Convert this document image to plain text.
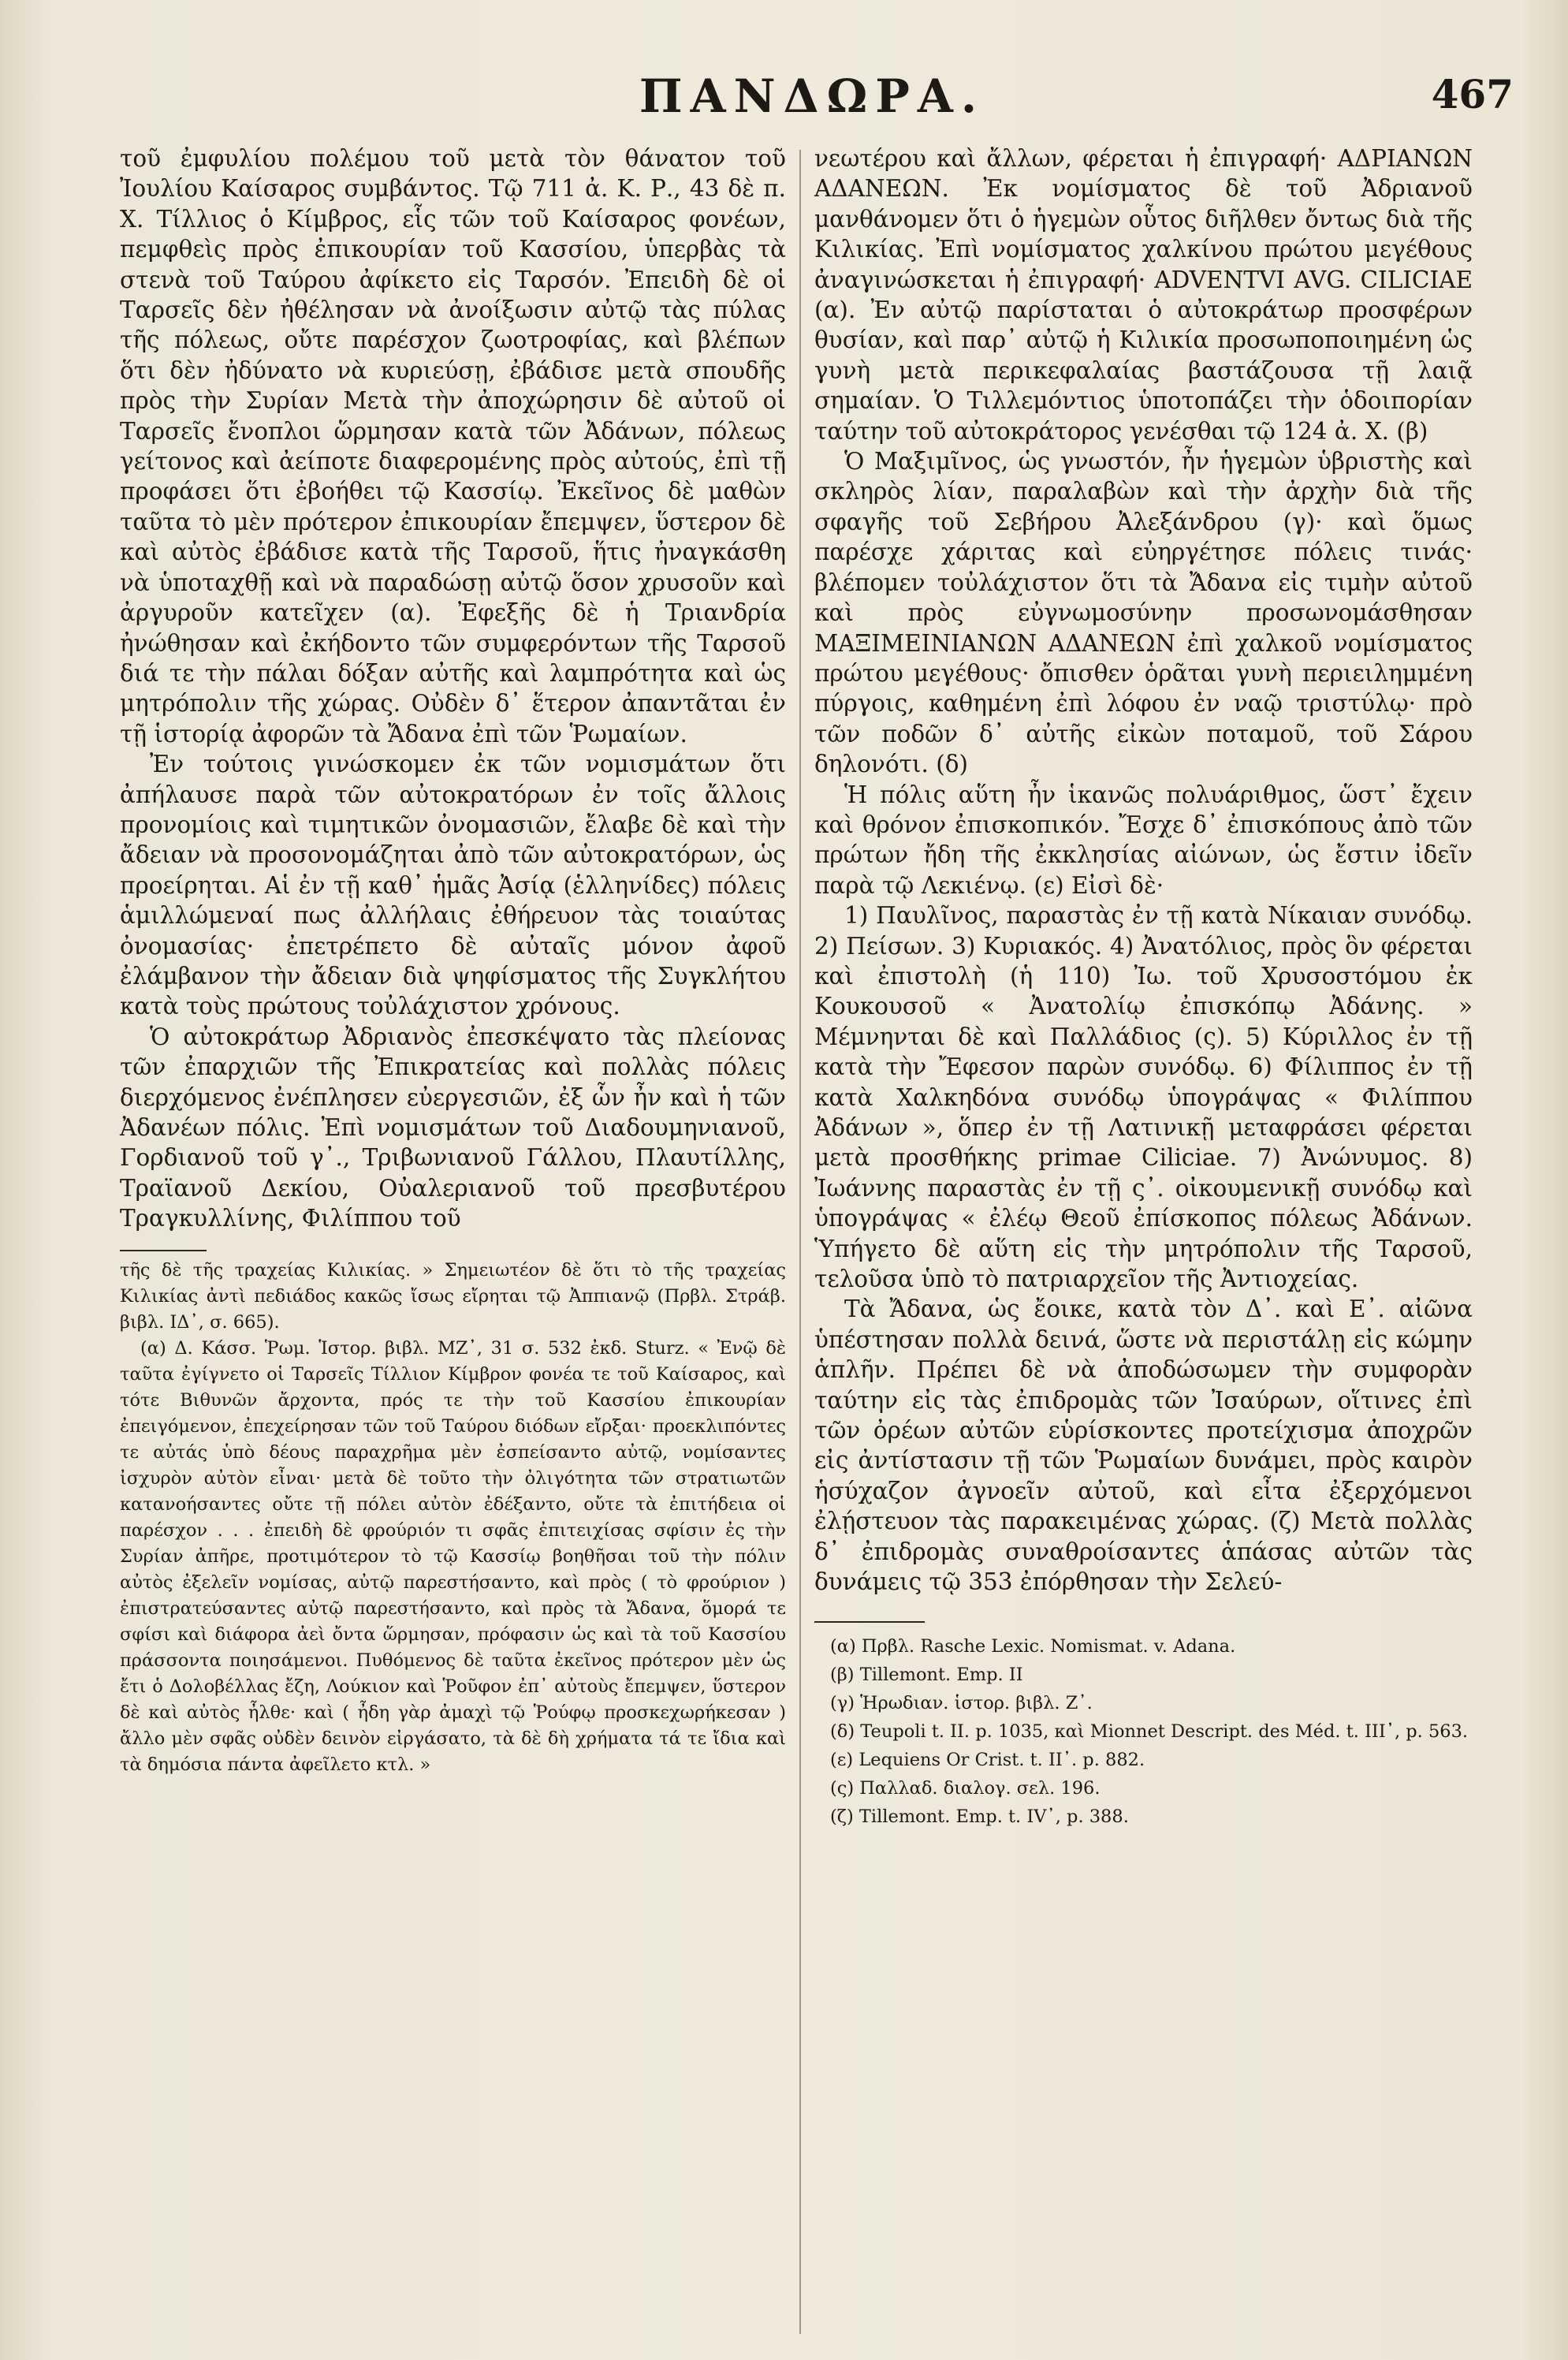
ΠΑΝΔΩΡΑ.	467

τοῦ ἐμφυλίου πολέμου τοῦ μετὰ τὸν θάνατον τοῦ Ἰουλίου Καίσαρος συμβάντος. Τῷ 711 ἀ. Κ. Ρ., 43 δὲ π. Χ. Τίλλιος ὁ Κίμβρος, εἷς τῶν τοῦ Καίσαρος φονέων, πεμφθεὶς πρὸς ἐπικουρίαν τοῦ Κασσίου, ὑπερβὰς τὰ στενὰ τοῦ Ταύρου ἀφίκετο εἰς Ταρσόν. Ἐπειδὴ δὲ οἱ Ταρσεῖς δὲν ἠθέλησαν νὰ ἀνοίξωσιν αὐτῷ τὰς πύλας τῆς πόλεως, οὔτε παρέσχον ζωοτροφίας, καὶ βλέπων ὅτι δὲν ἠδύνατο νὰ κυριεύσῃ, ἐβάδισε μετὰ σπουδῆς πρὸς τὴν Συρίαν Μετὰ τὴν ἀποχώρησιν δὲ αὐτοῦ οἱ Ταρσεῖς ἔνοπλοι ὥρμησαν κατὰ τῶν Ἀδάνων, πόλεως γείτονος καὶ ἀείποτε διαφερομένης πρὸς αὐτούς, ἐπὶ τῇ προφάσει ὅτι ἐβοήθει τῷ Κασσίῳ. Ἐκεῖνος δὲ μαθὼν ταῦτα τὸ μὲν πρότερον ἐπικουρίαν ἔπεμψεν, ὕστερον δὲ καὶ αὐτὸς ἐβάδισε κατὰ τῆς Ταρσοῦ, ἥτις ἠναγκάσθη νὰ ὑποταχθῇ καὶ νὰ παραδώσῃ αὐτῷ ὅσον χρυσοῦν καὶ ἀργυροῦν κατεῖχεν (α). Ἐφεξῆς δὲ ἡ Τριανδρία ἠνώθησαν καὶ ἐκήδοντο τῶν συμφερόντων τῆς Ταρσοῦ διά τε τὴν πάλαι δόξαν αὐτῆς καὶ λαμπρότητα καὶ ὡς μητρόπολιν τῆς χώρας. Οὐδὲν δ᾽ ἕτερον ἀπαντᾶται ἐν τῇ ἱστορίᾳ ἀφορῶν τὰ Ἄδανα ἐπὶ τῶν Ῥωμαίων.

Ἐν τούτοις γινώσκομεν ἐκ τῶν νομισμάτων ὅτι ἀπήλαυσε παρὰ τῶν αὐτοκρατόρων ἐν τοῖς ἄλλοις προνομίοις καὶ τιμητικῶν ὀνομασιῶν, ἔλαβε δὲ καὶ τὴν ἄδειαν νὰ προσονομάζηται ἀπὸ τῶν αὐτοκρατόρων, ὡς προείρηται. Αἱ ἐν τῇ καθ᾽ ἡμᾶς Ἀσίᾳ (ἑλληνίδες) πόλεις ἁμιλλώμεναί πως ἀλλήλαις ἐθήρευον τὰς τοιαύτας ὀνομασίας· ἐπετρέπετο δὲ αὐταῖς μόνον ἀφοῦ ἐλάμβανον τὴν ἄδειαν διὰ ψηφίσματος τῆς Συγκλήτου κατὰ τοὺς πρώτους τοὐλάχιστον χρόνους.

Ὁ αὐτοκράτωρ Ἀδριανὸς ἐπεσκέψατο τὰς πλείονας τῶν ἐπαρχιῶν τῆς Ἐπικρατείας καὶ πολλὰς πόλεις διερχόμενος ἐνέπλησεν εὐεργεσιῶν, ἐξ ὧν ἦν καὶ ἡ τῶν Ἀδανέων πόλις. Ἐπὶ νομισμάτων τοῦ Διαδουμηνιανοῦ, Γορδιανοῦ τοῦ γ᾽., Τριβωνιανοῦ Γάλλου, Πλαυτίλλης, Τραϊανοῦ Δεκίου, Οὐαλεριανοῦ τοῦ πρεσβυτέρου Τραγκυλλίνης, Φιλίππου τοῦ

τῆς δὲ τῆς τραχείας Κιλικίας. » Σημειωτέον δὲ ὅτι τὸ τῆς τραχείας Κιλικίας ἀντὶ πεδιάδος κακῶς ἴσως εἴρηται τῷ Ἀππιανῷ (Πρβλ. Στράβ. βιβλ. ΙΔ᾽, σ. 665).

(α) Δ. Κάσσ. Ῥωμ. Ἱστορ. βιβλ. ΜΖ᾽, 31 σ. 532 ἐκδ. Sturz. « Ἐνῷ δὲ ταῦτα ἐγίγνετο οἱ Ταρσεῖς Τίλλιον Κίμβρον φονέα τε τοῦ Καίσαρος, καὶ τότε Βιθυνῶν ἄρχοντα, πρός τε τὴν τοῦ Κασσίου ἐπικουρίαν ἐπειγόμενον, ἐπεχείρησαν τῶν τοῦ Ταύρου διόδων εἴρξαι· προεκλιπόντες τε αὐτάς ὑπὸ δέους παραχρῆμα μὲν ἐσπείσαντο αὐτῷ, νομίσαντες ἰσχυρὸν αὐτὸν εἶναι· μετὰ δὲ τοῦτο τὴν ὀλιγότητα τῶν στρατιωτῶν κατανοήσαντες οὔτε τῇ πόλει αὐτὸν ἐδέξαντο, οὔτε τὰ ἐπιτήδεια οἱ παρέσχον . . . ἐπειδὴ δὲ φρούριόν τι σφᾶς ἐπιτειχίσας σφίσιν ἐς τὴν Συρίαν ἀπῆρε, προτιμότερον τὸ τῷ Κασσίῳ βοηθῆσαι τοῦ τὴν πόλιν αὐτὸς ἐξελεῖν νομίσας, αὐτῷ παρεστήσαντο, καὶ πρὸς ( τὸ φρούριον ) ἐπιστρατεύσαντες αὐτῷ παρεστήσαντο, καὶ πρὸς τὰ Ἄδανα, ὅμορά τε σφίσι καὶ διάφορα ἀεὶ ὄντα ὥρμησαν, πρόφασιν ὡς καὶ τὰ τοῦ Κασσίου πράσσοντα ποιησάμενοι. Πυθόμενος δὲ ταῦτα ἐκεῖνος πρότερον μὲν ὡς ἔτι ὁ Δολοβέλλας ἔζη, Λούκιον καὶ Ῥοῦφον ἐπ᾽ αὐτοὺς ἔπεμψεν, ὕστερον δὲ καὶ αὐτὸς ἦλθε· καὶ ( ἦδη γὰρ ἀμαχὶ τῷ Ῥούφῳ προσκεχωρήκεσαν ) ἄλλο μὲν σφᾶς οὐδὲν δεινὸν εἰργάσατο, τὰ δὲ δὴ χρήματα τά τε ἴδια καὶ τὰ δημόσια πάντα ἀφεῖλετο κτλ. »

νεωτέρου καὶ ἄλλων, φέρεται ἡ ἐπιγραφή· ΑΔΡΙΑΝΩΝ ΑΔΑΝΕΩΝ. Ἐκ νομίσματος δὲ τοῦ Ἀδριανοῦ μανθάνομεν ὅτι ὁ ἡγεμὼν οὗτος διῆλθεν ὄντως διὰ τῆς Κιλικίας. Ἐπὶ νομίσματος χαλκίνου πρώτου μεγέθους ἀναγινώσκεται ἡ ἐπιγραφή· ADVENTVI AVG. CILICIAE (α). Ἐν αὐτῷ παρίσταται ὁ αὐτοκράτωρ προσφέρων θυσίαν, καὶ παρ᾽ αὐτῷ ἡ Κιλικία προσωποποιημένη ὡς γυνὴ μετὰ περικεφαλαίας βαστάζουσα τῇ λαιᾷ σημαίαν. Ὁ Τιλλεμόντιος ὑποτοπάζει τὴν ὁδοιπορίαν ταύτην τοῦ αὐτοκράτορος γενέσθαι τῷ 124 ἀ. Χ. (β)

Ὁ Μαξιμῖνος, ὡς γνωστόν, ἦν ἡγεμὼν ὑβριστὴς καὶ σκληρὸς λίαν, παραλαβὼν καὶ τὴν ἀρχὴν διὰ τῆς σφαγῆς τοῦ Σεβήρου Ἀλεξάνδρου (γ)· καὶ ὅμως παρέσχε χάριτας καὶ εὐηργέτησε πόλεις τινάς· βλέπομεν τοὐλάχιστον ὅτι τὰ Ἄδανα εἰς τιμὴν αὐτοῦ καὶ πρὸς εὐγνωμοσύνην προσωνομάσθησαν ΜΑΞΙΜΕΙΝΙΑΝΩΝ ΑΔΑΝΕΩΝ ἐπὶ χαλκοῦ νομίσματος πρώτου μεγέθους· ὄπισθεν ὁρᾶται γυνὴ περιειλημμένη πύργοις, καθημένη ἐπὶ λόφου ἐν ναῷ τριστύλῳ· πρὸ τῶν ποδῶν δ᾽ αὐτῆς εἰκὼν ποταμοῦ, τοῦ Σάρου δηλονότι. (δ)

Ἡ πόλις αὕτη ἦν ἱκανῶς πολυάριθμος, ὥστ᾽ ἔχειν καὶ θρόνον ἐπισκοπικόν. Ἔσχε δ᾽ ἐπισκόπους ἀπὸ τῶν πρώτων ἤδη τῆς ἐκκλησίας αἰώνων, ὡς ἔστιν ἰδεῖν παρὰ τῷ Λεκιένῳ. (ε) Εἰσὶ δὲ·

1) Παυλῖνος, παραστὰς ἐν τῇ κατὰ Νίκαιαν συνόδῳ. 2) Πείσων. 3) Κυριακός. 4) Ἀνατόλιος, πρὸς ὃν φέρεται καὶ ἐπιστολὴ (ἡ 110) Ἰω. τοῦ Χρυσοστόμου ἐκ Κουκουσοῦ « Ἀνατολίῳ ἐπισκόπῳ Ἀδάνης. » Μέμνηνται δὲ καὶ Παλλάδιος (ς). 5) Κύριλλος ἐν τῇ κατὰ τὴν Ἔφεσον παρὼν συνόδῳ. 6) Φίλιππος ἐν τῇ κατὰ Χαλκηδόνα συνόδῳ ὑπογράψας « Φιλίππου Ἀδάνων », ὅπερ ἐν τῇ Λατινικῇ μεταφράσει φέρεται μετὰ προσθήκης primae Ciliciae. 7) Ἀνώνυμος. 8) Ἰωάννης παραστὰς ἐν τῇ ς᾽. οἰκουμενικῇ συνόδῳ καὶ ὑπογράψας « ἐλέῳ Θεοῦ ἐπίσκοπος πόλεως Ἀδάνων. Ὑπήγετο δὲ αὕτη εἰς τὴν μητρόπολιν τῆς Ταρσοῦ, τελοῦσα ὑπὸ τὸ πατριαρχεῖον τῆς Ἀντιοχείας.

Τὰ Ἄδανα, ὡς ἔοικε, κατὰ τὸν Δ᾽. καὶ Ε᾽. αἰῶνα ὑπέστησαν πολλὰ δεινά, ὥστε νὰ περιστάλῃ εἰς κώμην ἁπλῆν. Πρέπει δὲ νὰ ἀποδώσωμεν τὴν συμφορὰν ταύτην εἰς τὰς ἐπιδρομὰς τῶν Ἰσαύρων, οἵτινες ἐπὶ τῶν ὀρέων αὐτῶν εὑρίσκοντες προτείχισμα ἀποχρῶν εἰς ἀντίστασιν τῇ τῶν Ῥωμαίων δυνάμει, πρὸς καιρὸν ἡσύχαζον ἀγνοεῖν αὐτοῦ, καὶ εἶτα ἐξερχόμενοι ἐλῄστευον τὰς παρακειμένας χώρας. (ζ) Μετὰ πολλὰς δ᾽ ἐπιδρομὰς συναθροίσαντες ἁπάσας αὐτῶν τὰς δυνάμεις τῷ 353 ἐπόρθησαν τὴν Σελεύ-

(α) Πρβλ. Rasche Lexic. Nomismat. v. Adana.
(β) Tillemont. Emp. II
(γ) Ἡρωδιαν. ἱστορ. βιβλ. Ζ᾽.
(δ) Teupoli t. II. p. 1035, καὶ Mionnet Descript. des Méd. t. III᾽, p. 563.
(ε) Lequiens Or Crist. t. II᾽. p. 882.
(ς) Παλλαδ. διαλογ. σελ. 196.
(ζ) Tillemont. Emp. t. IV᾽, p. 388.
